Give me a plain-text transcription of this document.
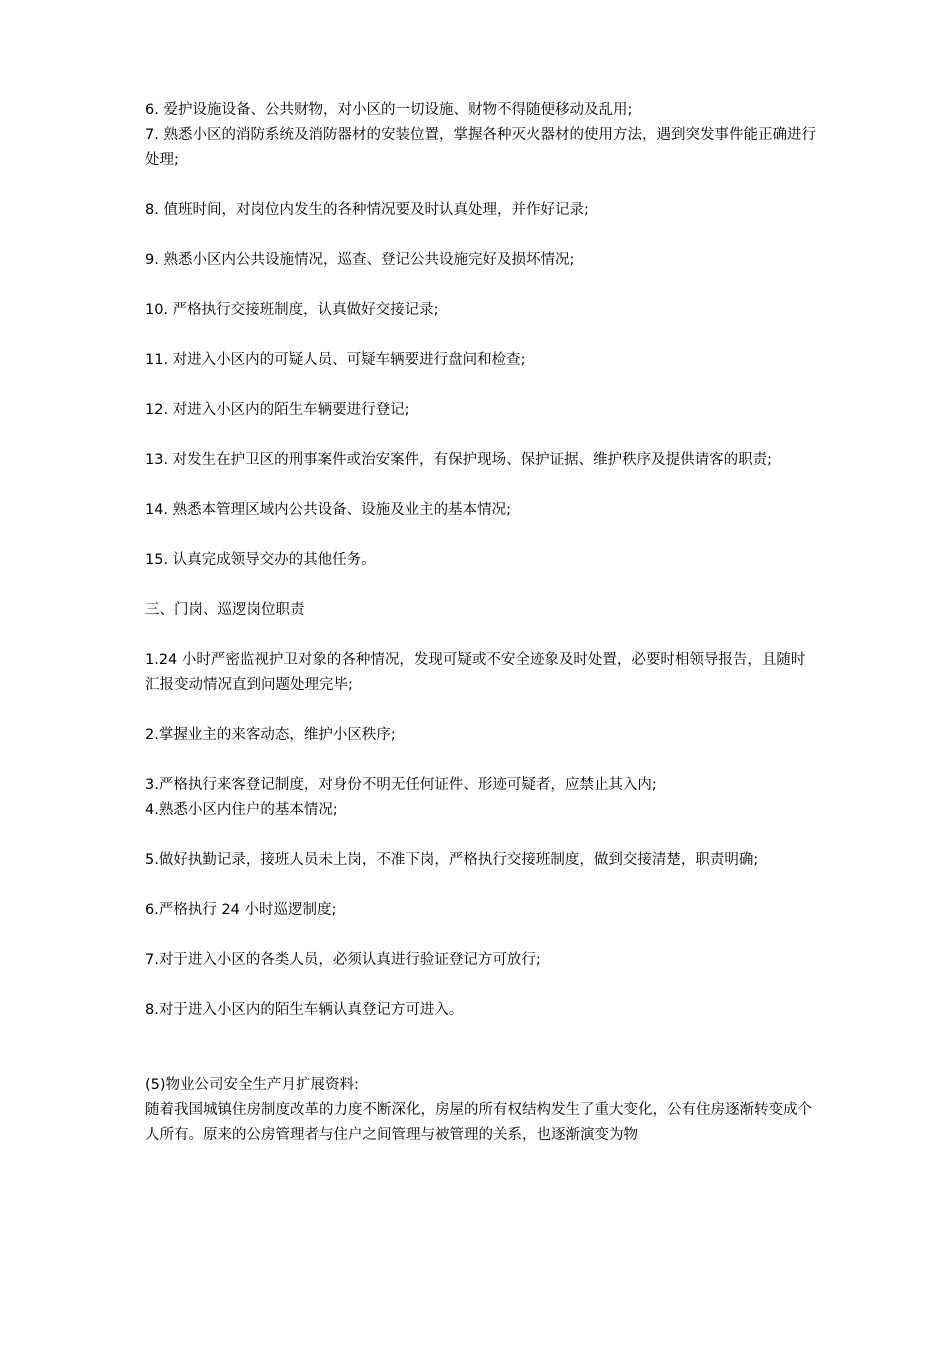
6. 爱护设施设备、公共财物，对小区的一切设施、财物不得随便移动及乱用;

7. 熟悉小区的消防系统及消防器材的安装位置，掌握各种灭火器材的使用方法，遇到突发事件能正确进行处理;

8. 值班时间，对岗位内发生的各种情况要及时认真处理，并作好记录;

9. 熟悉小区内公共设施情况，巡查、登记公共设施完好及损坏情况;

10. 严格执行交接班制度，认真做好交接记录;

11. 对进入小区内的可疑人员、可疑车辆要进行盘问和检查;

12. 对进入小区内的陌生车辆要进行登记;

13. 对发生在护卫区的刑事案件或治安案件，有保护现场、保护证据、维护秩序及提供请客的职责;

14. 熟悉本管理区域内公共设备、设施及业主的基本情况;

15. 认真完成领导交办的其他任务。

三、门岗、巡逻岗位职责

1.24 小时严密监视护卫对象的各种情况，发现可疑或不安全迹象及时处置，必要时相领导报告，且随时汇报变动情况直到问题处理完毕;

2.掌握业主的来客动态，维护小区秩序;

3.严格执行来客登记制度，对身份不明无任何证件、形迹可疑者，应禁止其入内;

4.熟悉小区内住户的基本情况;

5.做好执勤记录，接班人员未上岗，不准下岗，严格执行交接班制度，做到交接清楚，职责明确;

6.严格执行 24 小时巡逻制度;

7.对于进入小区的各类人员，必须认真进行验证登记方可放行;

8.对于进入小区内的陌生车辆认真登记方可进入。

(5)物业公司安全生产月扩展资料:

随着我国城镇住房制度改革的力度不断深化，房屋的所有权结构发生了重大变化，公有住房逐渐转变成个人所有。原来的公房管理者与住户之间管理与被管理的关系，也逐渐演变为物
